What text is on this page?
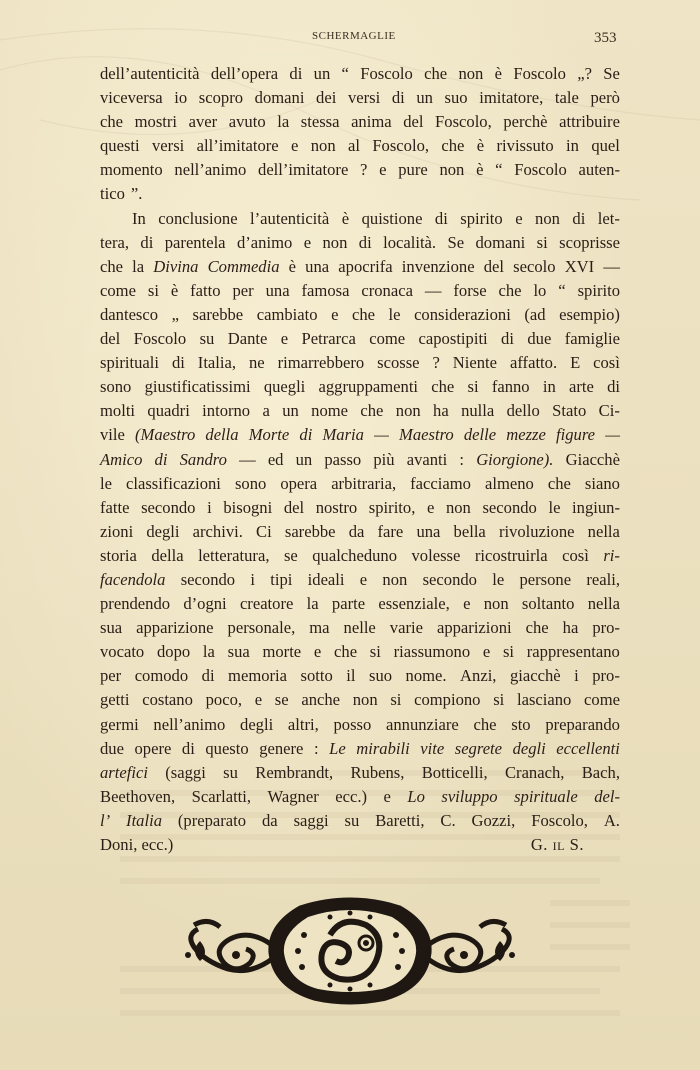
SCHERMAGLIE	353
dell’autenticità dell’opera di un “ Foscolo che non è Foscolo „? Se
viceversa io scopro domani dei versi di un suo imitatore, tale però
che mostri aver avuto la stessa anima del Foscolo, perchè attribuire
questi versi all’imitatore e non al Foscolo, che è rivissuto in quel
momento nell’animo dell’imitatore ? e pure non è “ Foscolo auten-
tico ”.
In conclusione l’autenticità è quistione di spirito e non di let-
tera, di parentela d’animo e non di località. Se domani si scoprisse
che la Divina Commedia è una apocrifa invenzione del secolo XVI —
come si è fatto per una famosa cronaca — forse che lo “ spirito
dantesco „ sarebbe cambiato e che le considerazioni (ad esempio)
del Foscolo su Dante e Petrarca come capostipiti di due famiglie
spirituali di Italia, ne rimarrebbero scosse ? Niente affatto. E così
sono giustificatissimi quegli aggruppamenti che si fanno in arte di
molti quadri intorno a un nome che non ha nulla dello Stato Ci-
vile (Maestro della Morte di Maria — Maestro delle mezze figure —
Amico di Sandro — ed un passo più avanti : Giorgione). Giacchè
le classificazioni sono opera arbitraria, facciamo almeno che siano
fatte secondo i bisogni del nostro spirito, e non secondo le ingiun-
zioni degli archivi. Ci sarebbe da fare una bella rivoluzione nella
storia della letteratura, se qualcheduno volesse ricostruirla così ri-
facendola secondo i tipi ideali e non secondo le persone reali,
prendendo d’ogni creatore la parte essenziale, e non soltanto nella
sua apparizione personale, ma nelle varie apparizioni che ha pro-
vocato dopo la sua morte e che si riassumono e si rappresentano
per comodo di memoria sotto il suo nome. Anzi, giacchè i pro-
getti costano poco, e se anche non si compiono si lasciano come
germi nell’animo degli altri, posso annunziare che sto preparando
due opere di questo genere : Le mirabili vite segrete degli eccellenti
artefici (saggi su Rembrandt, Rubens, Botticelli, Cranach, Bach,
Beethoven, Scarlatti, Wagner ecc.) e Lo sviluppo spirituale del-
l’ Italia (preparato da saggi su Baretti, C. Gozzi, Foscolo, A.
Doni, ecc.)	G. IL S.
